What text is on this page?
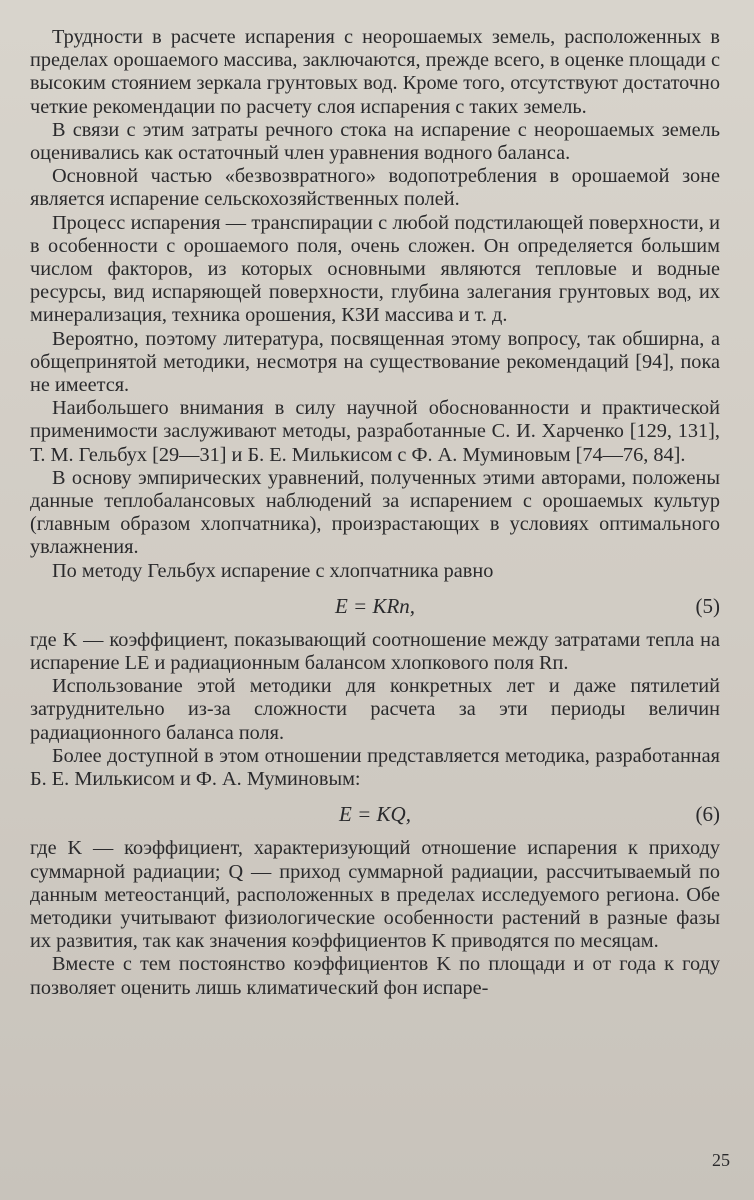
Трудности в расчете испарения с неорошаемых земель, расположенных в пределах орошаемого массива, заключаются, прежде всего, в оценке площади с высоким стоянием зеркала грунтовых вод. Кроме того, отсутствуют достаточно четкие рекомендации по расчету слоя испарения с таких земель.

В связи с этим затраты речного стока на испарение с неорошаемых земель оценивались как остаточный член уравнения водного баланса.

Основной частью «безвозвратного» водопотребления в орошаемой зоне является испарение сельскохозяйственных полей.

Процесс испарения — транспирации с любой подстилающей поверхности, и в особенности с орошаемого поля, очень сложен. Он определяется большим числом факторов, из которых основными являются тепловые и водные ресурсы, вид испаряющей поверхности, глубина залегания грунтовых вод, их минерализация, техника орошения, КЗИ массива и т. д.

Вероятно, поэтому литература, посвященная этому вопросу, так обширна, а общепринятой методики, несмотря на существование рекомендаций [94], пока не имеется.

Наибольшего внимания в силу научной обоснованности и практической применимости заслуживают методы, разработанные С. И. Харченко [129, 131], Т. М. Гельбух [29—31] и Б. Е. Милькисом с Ф. А. Муминовым [74—76, 84].

В основу эмпирических уравнений, полученных этими авторами, положены данные теплобалансовых наблюдений за испарением с орошаемых культур (главным образом хлопчатника), произрастающих в условиях оптимального увлажнения.

По методу Гельбух испарение с хлопчатника равно

E = KRп,	(5)

где K — коэффициент, показывающий соотношение между затратами тепла на испарение LE и радиационным балансом хлопкового поля Rп.

Использование этой методики для конкретных лет и даже пятилетий затруднительно из-за сложности расчета за эти периоды величин радиационного баланса поля.

Более доступной в этом отношении представляется методика, разработанная Б. Е. Милькисом и Ф. А. Муминовым:

E = KQ,	(6)

где K — коэффициент, характеризующий отношение испарения к приходу суммарной радиации; Q — приход суммарной радиации, рассчитываемый по данным метеостанций, расположенных в пределах исследуемого региона. Обе методики учитывают физиологические особенности растений в разные фазы их развития, так как значения коэффициентов K приводятся по месяцам.

Вместе с тем постоянство коэффициентов K по площади и от года к году позволяет оценить лишь климатический фон испаре-

25
